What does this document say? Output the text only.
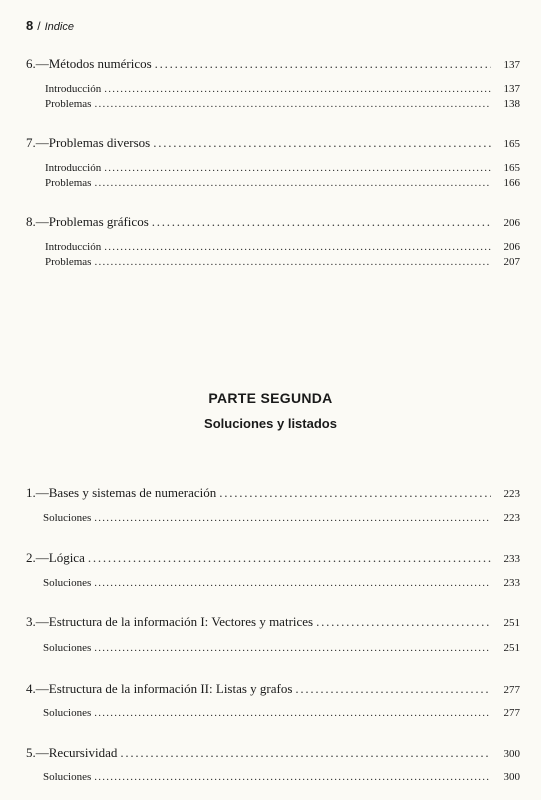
8 / Indice
6.—Métodos numéricos . . .	137
Introducción . . .	137
Problemas . . .	138
7.—Problemas diversos . . .	165
Introducción . . .	165
Problemas . . .	166
8.—Problemas gráficos . . .	206
Introducción . . .	206
Problemas . . .	207
PARTE SEGUNDA
Soluciones y listados
1.—Bases y sistemas de numeración . . .	223
Soluciones . . .	223
2.—Lógica . . .	233
Soluciones . . .	233
3.—Estructura de la información I: Vectores y matrices . . .	251
Soluciones . . .	251
4.—Estructura de la información II: Listas y grafos . . .	277
Soluciones . . .	277
5.—Recursividad . . .	300
Soluciones . . .	300
